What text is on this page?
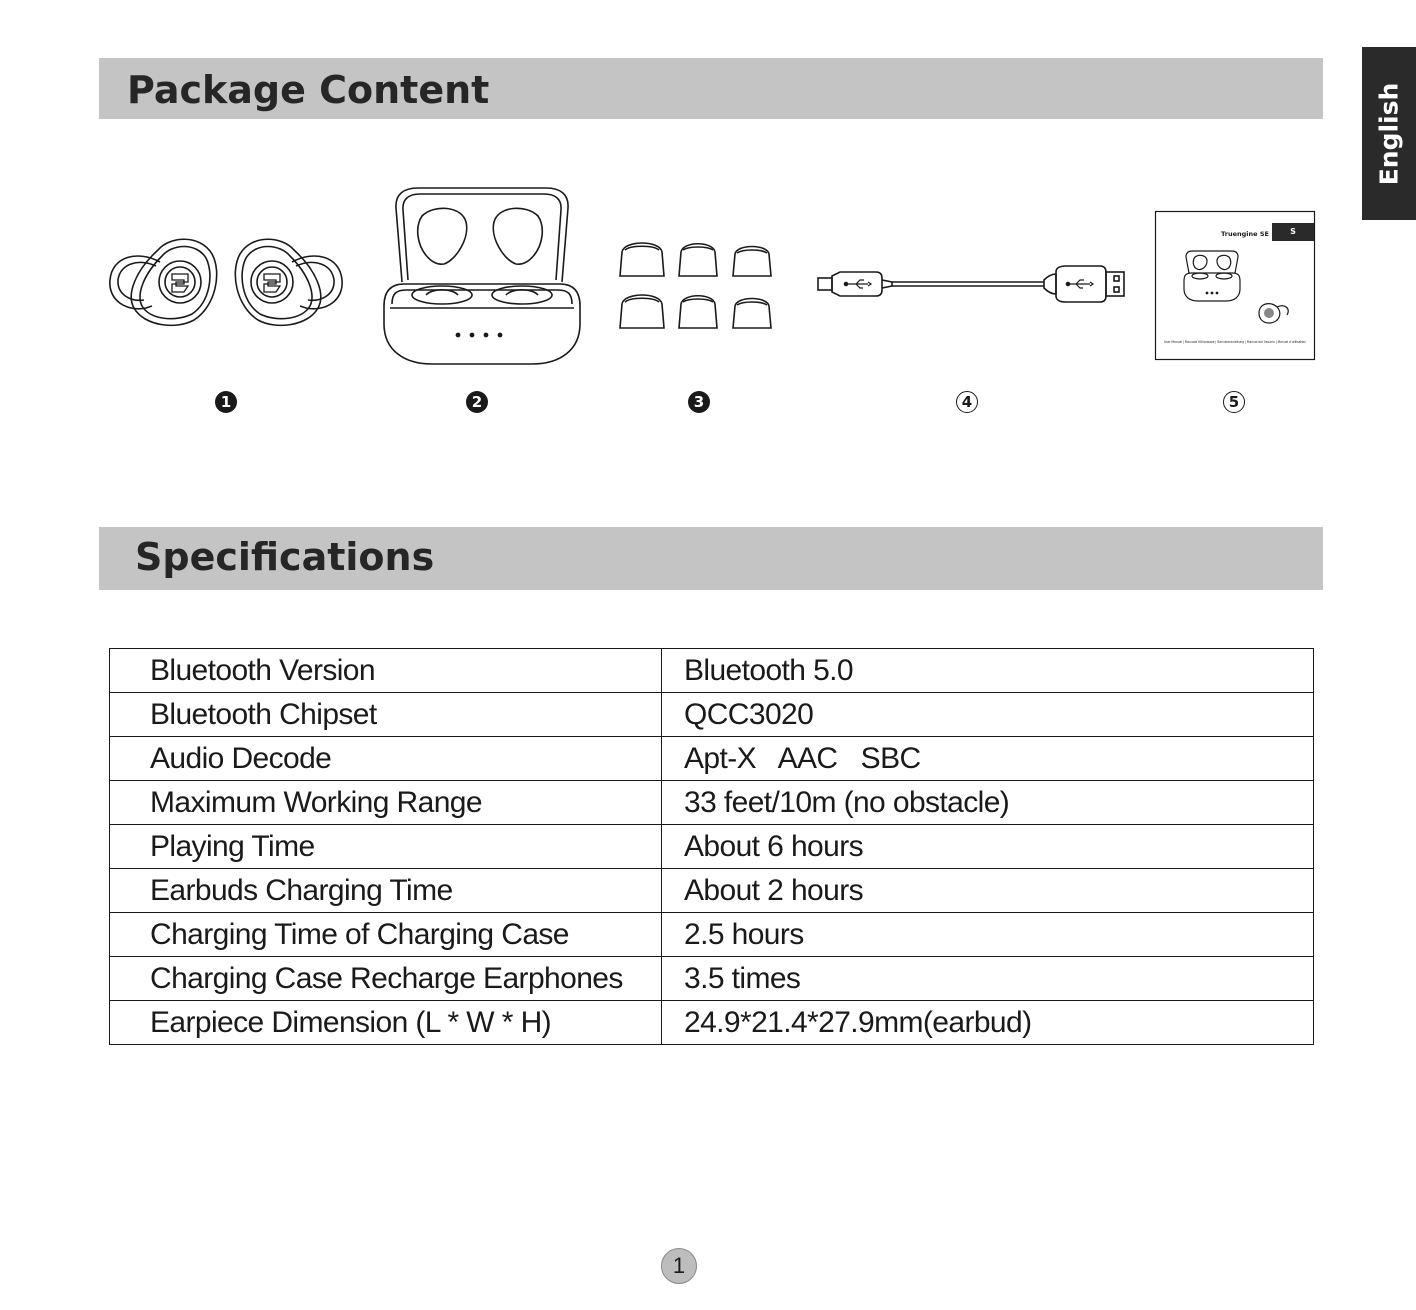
Package Content	English
Truengine SE	S
User Manual | Manuale Utilizzatore | Benutzeranleitung | Manual del Usuario | Manuel d'utilisation
1	2	3	4	5
Specifications
Bluetooth Version	Bluetooth 5.0
Bluetooth Chipset	QCC3020
Audio Decode	Apt-X   AAC   SBC
Maximum Working Range	33 feet/10m (no obstacle)
Playing Time	About 6 hours
Earbuds Charging Time	About 2 hours
Charging Time of Charging Case	2.5 hours
Charging Case Recharge Earphones	3.5 times
Earpiece Dimension (L * W * H)	24.9*21.4*27.9mm(earbud)
1
